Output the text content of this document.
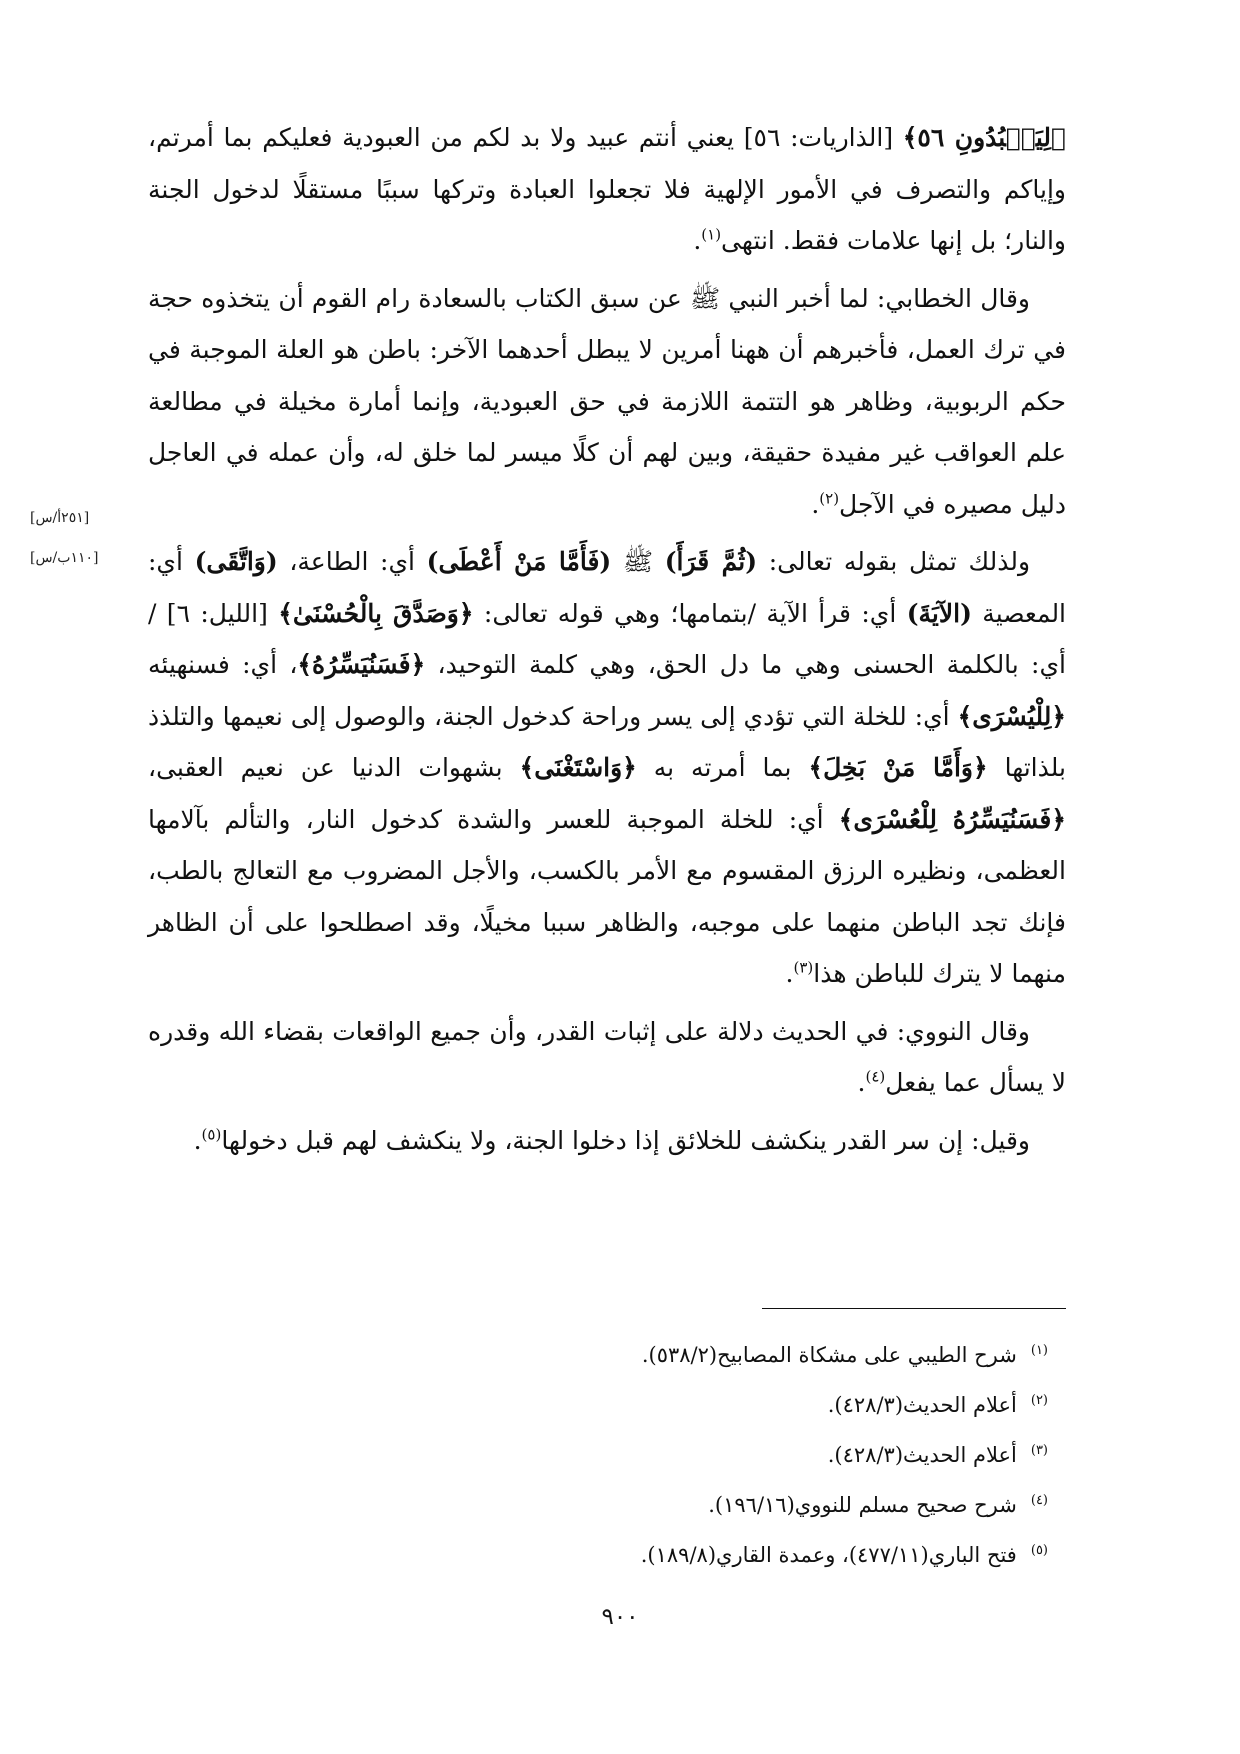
﴿لِيَعۡبُدُونِ ٥٦﴾ [الذاريات: ٥٦] يعني أنتم عبيد ولا بد لكم من العبودية فعليكم بما أمرتم، وإياكم والتصرف في الأمور الإلهية فلا تجعلوا العبادة وتركها سببًا مستقلًا لدخول الجنة والنار؛ بل إنها علامات فقط. انتهى$^{(١)}$.

وقال الخطابي: لما أخبر النبي ﷺ عن سبق الكتاب بالسعادة رام القوم أن يتخذوه حجة في ترك العمل، فأخبرهم أن ههنا أمرين لا يبطل أحدهما الآخر: باطن هو العلة الموجبة في حكم الربوبية، وظاهر هو التتمة اللازمة في حق العبودية، وإنما أمارة مخيلة في مطالعة علم العواقب غير مفيدة حقيقة، وبين لهم أن كلًا ميسر لما خلق له، وأن عمله في العاجل دليل مصيره في الآجل$^{(٢)}$.

ولذلك تمثل بقوله تعالى: (ثُمَّ قَرَأَ) ﷺ (فَأَمَّا مَنْ أَعْطَى) أي: الطاعة، (وَاتَّقَى) أي: المعصية (الآيَةَ) أي: قرأ الآية /بتمامها؛ وهي قوله تعالى: ﴿وَصَدَّقَ بِالْحُسْنَىٰ﴾ [الليل: ٦] / أي: بالكلمة الحسنى وهي ما دل الحق، وهي كلمة التوحيد، ﴿فَسَنُيَسِّرُهُ﴾، أي: فسنهيئه ﴿لِلْيُسْرَى﴾ أي: للخلة التي تؤدي إلى يسر وراحة كدخول الجنة، والوصول إلى نعيمها والتلذذ بلذاتها ﴿وَأَمَّا مَنْ بَخِلَ﴾ بما أمرته به ﴿وَاسْتَغْنَى﴾ بشهوات الدنيا عن نعيم العقبى، ﴿فَسَنُيَسِّرُهُ لِلْعُسْرَى﴾ أي: للخلة الموجبة للعسر والشدة كدخول النار، والتألم بآلامها العظمى، ونظيره الرزق المقسوم مع الأمر بالكسب، والأجل المضروب مع التعالج بالطب، فإنك تجد الباطن منهما على موجبه، والظاهر سببا مخيلًا، وقد اصطلحوا على أن الظاهر منهما لا يترك للباطن هذا$^{(٣)}$.

وقال النووي: في الحديث دلالة على إثبات القدر، وأن جميع الواقعات بقضاء الله وقدره لا يسأل عما يفعل$^{(٤)}$.

وقيل: إن سر القدر ينكشف للخلائق إذا دخلوا الجنة، ولا ينكشف لهم قبل دخولها$^{(٥)}$.

[٢٥١أ/س]
[١١٠ب/س]

$^{(١)}$شرح الطيبي على مشكاة المصابيح(٥٣٨/٢).

$^{(٢)}$أعلام الحديث(٤٢٨/٣).

$^{(٣)}$أعلام الحديث(٤٢٨/٣).

$^{(٤)}$شرح صحيح مسلم للنووي(١٩٦/١٦).

$^{(٥)}$فتح الباري(٤٧٧/١١)، وعمدة القاري(١٨٩/٨).

٩٠٠
